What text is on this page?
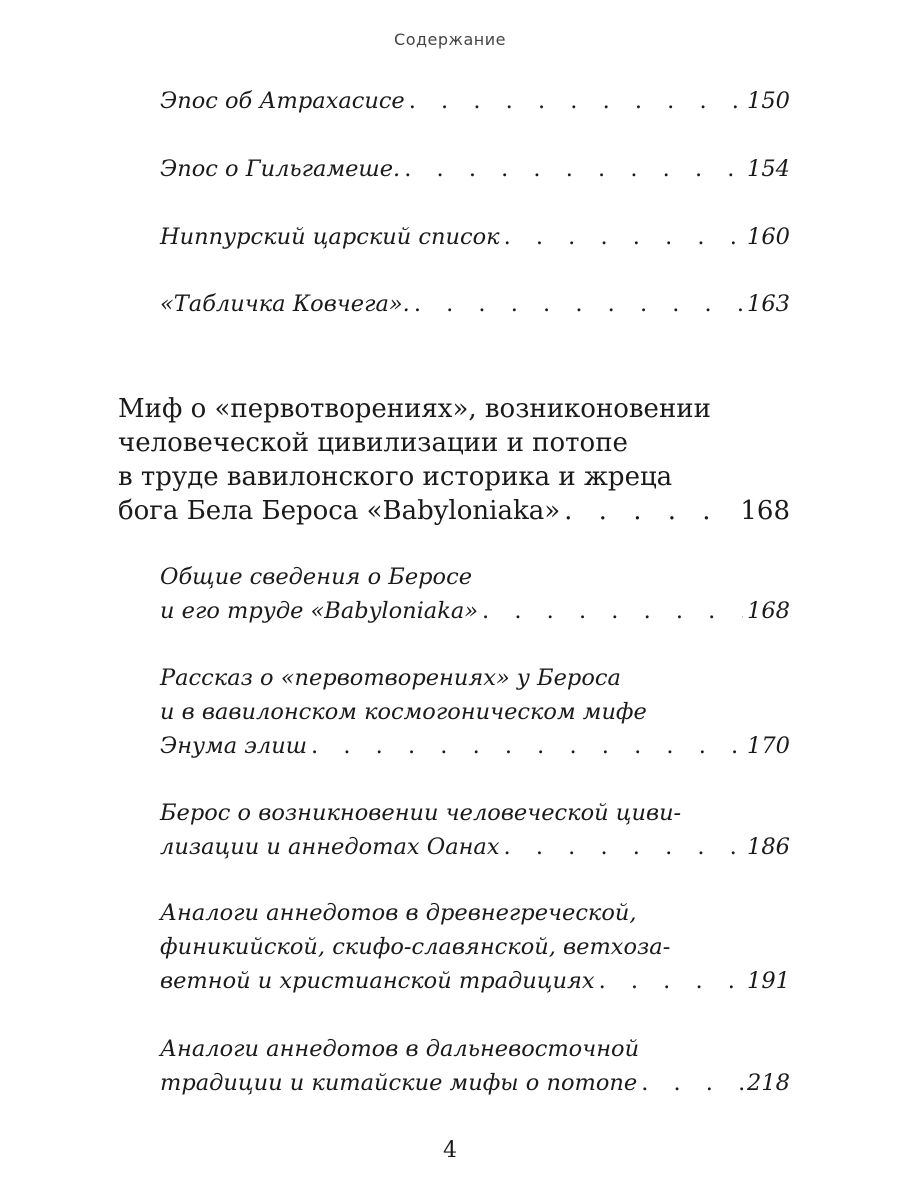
Содержание
Эпос об Атрахасисе . . .	150
Эпос о Гильгамеше. . . .	154
Ниппурский царский список . . .	160
«Табличка Ковчега». . . .	163
Миф о «первотворениях», возниконовении
человеческой цивилизации и потопе
в труде вавилонского историка и жреца
бога Бела Бероса «Babyloniaka» . . .	168
Общие сведения о Беросе
и его труде «Babyloniaka» . . .	168
Рассказ о «первотворениях» у Бероса
и в вавилонском космогоническом мифе
Энума элиш . . .	170
Берос о возникновении человеческой циви-
лизации и аннедотах Оанах . . .	186
Аналоги аннедотов в древнегреческой,
финикийской, скифо-славянской, ветхоза-
ветной и христианской традициях . . .	191
Аналоги аннедотов в дальневосточной
традиции и китайские мифы о потопе . . .	218
4
